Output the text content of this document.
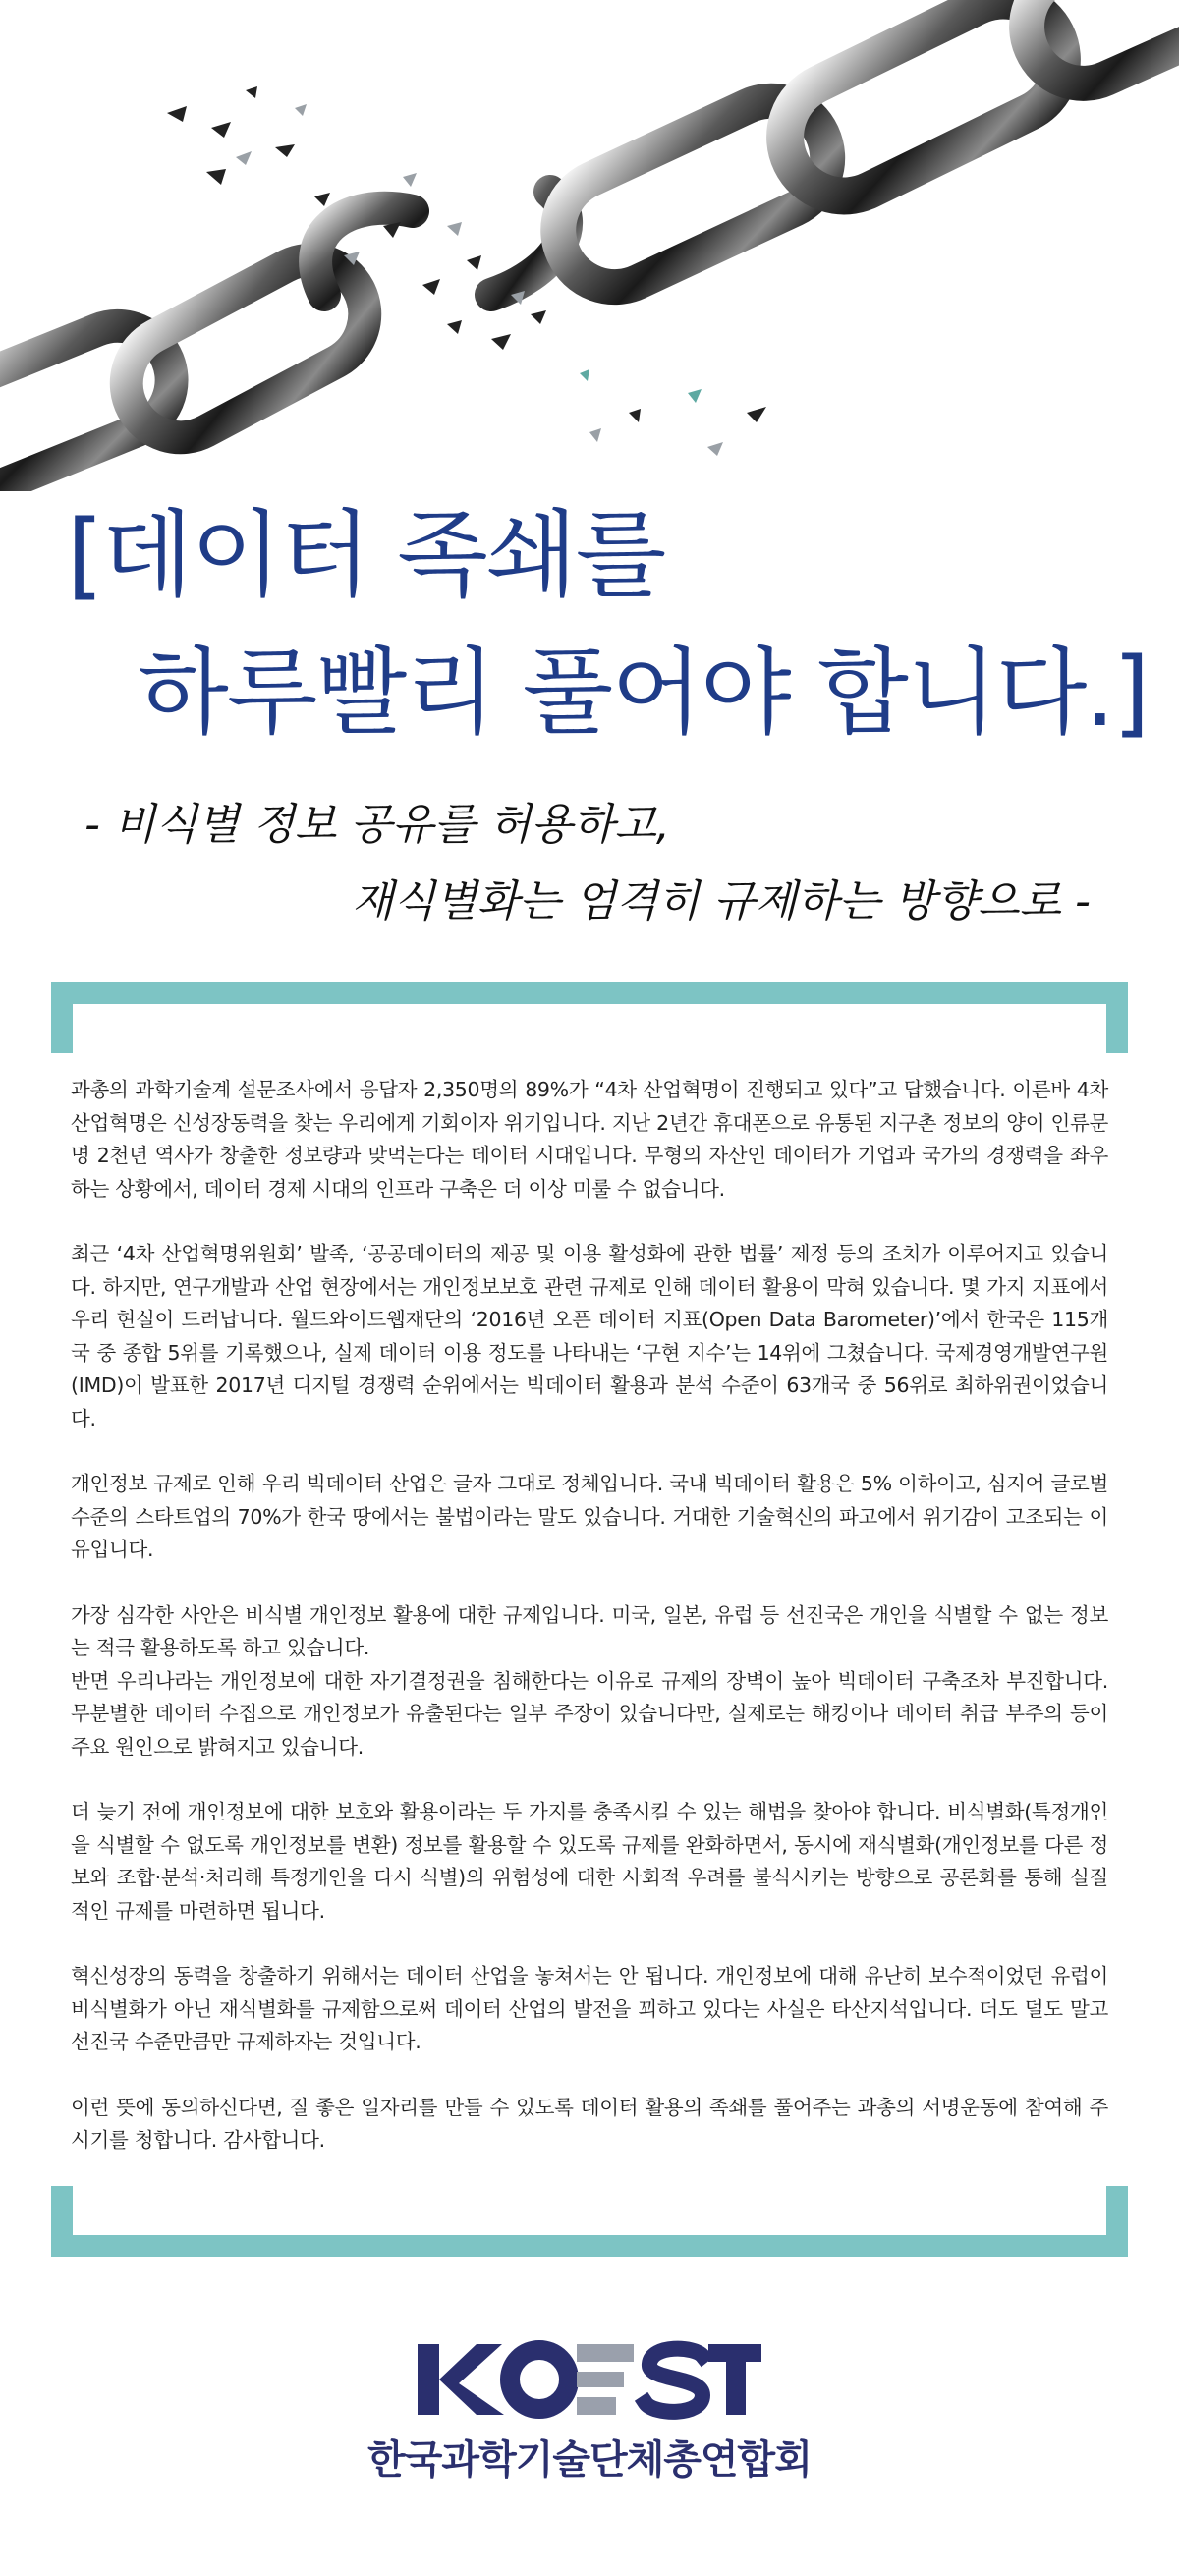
[데이터 족쇄를
하루빨리 풀어야 합니다.]
- 비식별 정보 공유를 허용하고,
재식별화는 엄격히 규제하는 방향으로 -

과총의 과학기술계 설문조사에서 응답자 2,350명의 89%가 “4차 산업혁명이 진행되고 있다”고 답했습니다. 이른바 4차 산업혁명은 신성장동력을 찾는 우리에게 기회이자 위기입니다. 지난 2년간 휴대폰으로 유통된 지구촌 정보의 양이 인류문명 2천년 역사가 창출한 정보량과 맞먹는다는 데이터 시대입니다. 무형의 자산인 데이터가 기업과 국가의 경쟁력을 좌우하는 상황에서, 데이터 경제 시대의 인프라 구축은 더 이상 미룰 수 없습니다.

최근 ‘4차 산업혁명위원회’ 발족, ‘공공데이터의 제공 및 이용 활성화에 관한 법률’ 제정 등의 조치가 이루어지고 있습니다. 하지만, 연구개발과 산업 현장에서는 개인정보보호 관련 규제로 인해 데이터 활용이 막혀 있습니다. 몇 가지 지표에서 우리 현실이 드러납니다. 월드와이드웹재단의 ‘2016년 오픈 데이터 지표(Open Data Barometer)’에서 한국은 115개국 중 종합 5위를 기록했으나, 실제 데이터 이용 정도를 나타내는 ‘구현 지수’는 14위에 그쳤습니다. 국제경영개발연구원(IMD)이 발표한 2017년 디지털 경쟁력 순위에서는 빅데이터 활용과 분석 수준이 63개국 중 56위로 최하위권이었습니다.

개인정보 규제로 인해 우리 빅데이터 산업은 글자 그대로 정체입니다. 국내 빅데이터 활용은 5% 이하이고, 심지어 글로벌 수준의 스타트업의 70%가 한국 땅에서는 불법이라는 말도 있습니다. 거대한 기술혁신의 파고에서 위기감이 고조되는 이유입니다.

가장 심각한 사안은 비식별 개인정보 활용에 대한 규제입니다. 미국, 일본, 유럽 등 선진국은 개인을 식별할 수 없는 정보는 적극 활용하도록 하고 있습니다.

반면 우리나라는 개인정보에 대한 자기결정권을 침해한다는 이유로 규제의 장벽이 높아 빅데이터 구축조차 부진합니다. 무분별한 데이터 수집으로 개인정보가 유출된다는 일부 주장이 있습니다만, 실제로는 해킹이나 데이터 취급 부주의 등이 주요 원인으로 밝혀지고 있습니다.

더 늦기 전에 개인정보에 대한 보호와 활용이라는 두 가지를 충족시킬 수 있는 해법을 찾아야 합니다. 비식별화(특정개인을 식별할 수 없도록 개인정보를 변환) 정보를 활용할 수 있도록 규제를 완화하면서, 동시에 재식별화(개인정보를 다른 정보와 조합·분석·처리해 특정개인을 다시 식별)의 위험성에 대한 사회적 우려를 불식시키는 방향으로 공론화를 통해 실질적인 규제를 마련하면 됩니다.

혁신성장의 동력을 창출하기 위해서는 데이터 산업을 놓쳐서는 안 됩니다. 개인정보에 대해 유난히 보수적이었던 유럽이 비식별화가 아닌 재식별화를 규제함으로써 데이터 산업의 발전을 꾀하고 있다는 사실은 타산지석입니다. 더도 덜도 말고 선진국 수준만큼만 규제하자는 것입니다.

이런 뜻에 동의하신다면, 질 좋은 일자리를 만들 수 있도록 데이터 활용의 족쇄를 풀어주는 과총의 서명운동에 참여해 주시기를 청합니다. 감사합니다.

KOFST
한국과학기술단체총연합회
